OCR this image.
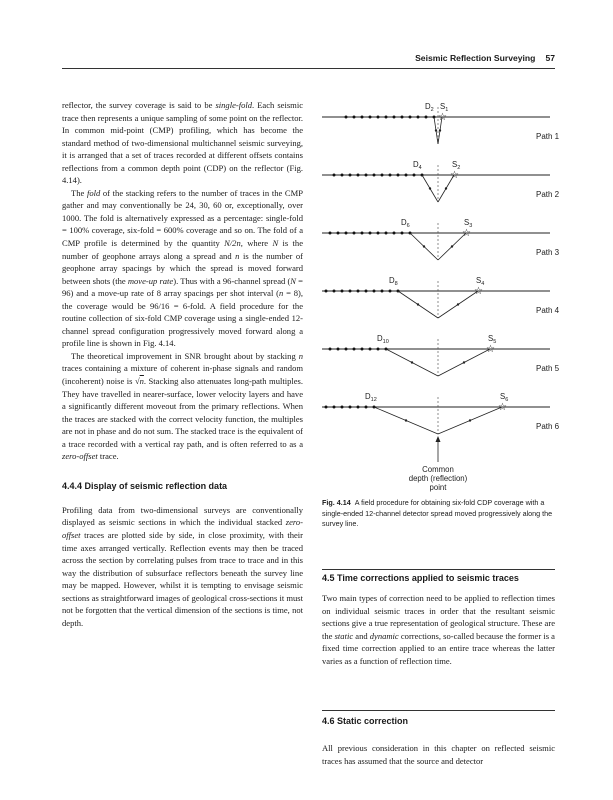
Seismic Reflection Surveying 57

reflector, the survey coverage is said to be single-fold. Each seismic trace then represents a unique sampling of some point on the reflector. In common mid-point (CMP) profiling, which has become the standard method of two-dimensional multichannel seismic surveying, it is arranged that a set of traces recorded at different offsets contains reflections from a common depth point (CDP) on the reflector (Fig. 4.14).

The fold of the stacking refers to the number of traces in the CMP gather and may conventionally be 24, 30, 60 or, exceptionally, over 1000. The fold is alternatively expressed as a percentage: single-fold = 100% coverage, six-fold = 600% coverage and so on. The fold of a CMP profile is determined by the quantity N/2n, where N is the number of geophone arrays along a spread and n is the number of geophone array spacings by which the spread is moved forward between shots (the move-up rate). Thus with a 96-channel spread (N = 96) and a move-up rate of 8 array spacings per shot interval (n = 8), the coverage would be 96/16 = 6-fold. A field procedure for the routine collection of six-fold CMP coverage using a single-ended 12-channel spread configuration progressively moved forward along a profile line is shown in Fig. 4.14.

The theoretical improvement in SNR brought about by stacking n traces containing a mixture of coherent in-phase signals and random (incoherent) noise is √n. Stacking also attenuates long-path multiples. They have travelled in nearer-surface, lower velocity layers and have a significantly different moveout from the primary reflections. When the traces are stacked with the correct velocity function, the multiples are not in phase and do not sum. The stacked trace is the equivalent of a trace recorded with a vertical ray path, and is often referred to as a zero-offset trace.

4.4.4 Display of seismic reflection data

Profiling data from two-dimensional surveys are conventionally displayed as seismic sections in which the individual stacked zero-offset traces are plotted side by side, in close proximity, with their time axes arranged vertically. Reflection events may then be traced across the section by correlating pulses from trace to trace and in this way the distribution of subsurface reflectors beneath the survey line may be mapped. However, whilst it is tempting to envisage seismic sections as straightforward images of geological cross-sections it must not be forgotten that the vertical dimension of the sections is time, not depth.

☆
$D_2$ $S_1$
Path 1
☆
$D_4$	$S_2$
Path 2
☆
$D_6$	$S_3$
Path 3
☆
$D_8$	$S_4$
Path 4
☆
$D_{10}$	$S_5$
Path 5
☆
$D_{12}$	$S_6$
Path 6
Common
depth (reflection)
point
Fig. 4.14 A field procedure for obtaining six-fold CDP coverage with a single-ended 12-channel detector spread moved progressively along the survey line.
4.5 Time corrections applied to seismic traces

Two main types of correction need to be applied to reflection times on individual seismic traces in order that the resultant seismic sections give a true representation of geological structure. These are the static and dynamic corrections, so-called because the former is a fixed time correction applied to an entire trace whereas the latter varies as a function of reflection time.

4.6 Static correction

All previous consideration in this chapter on reflected seismic traces has assumed that the source and detector
